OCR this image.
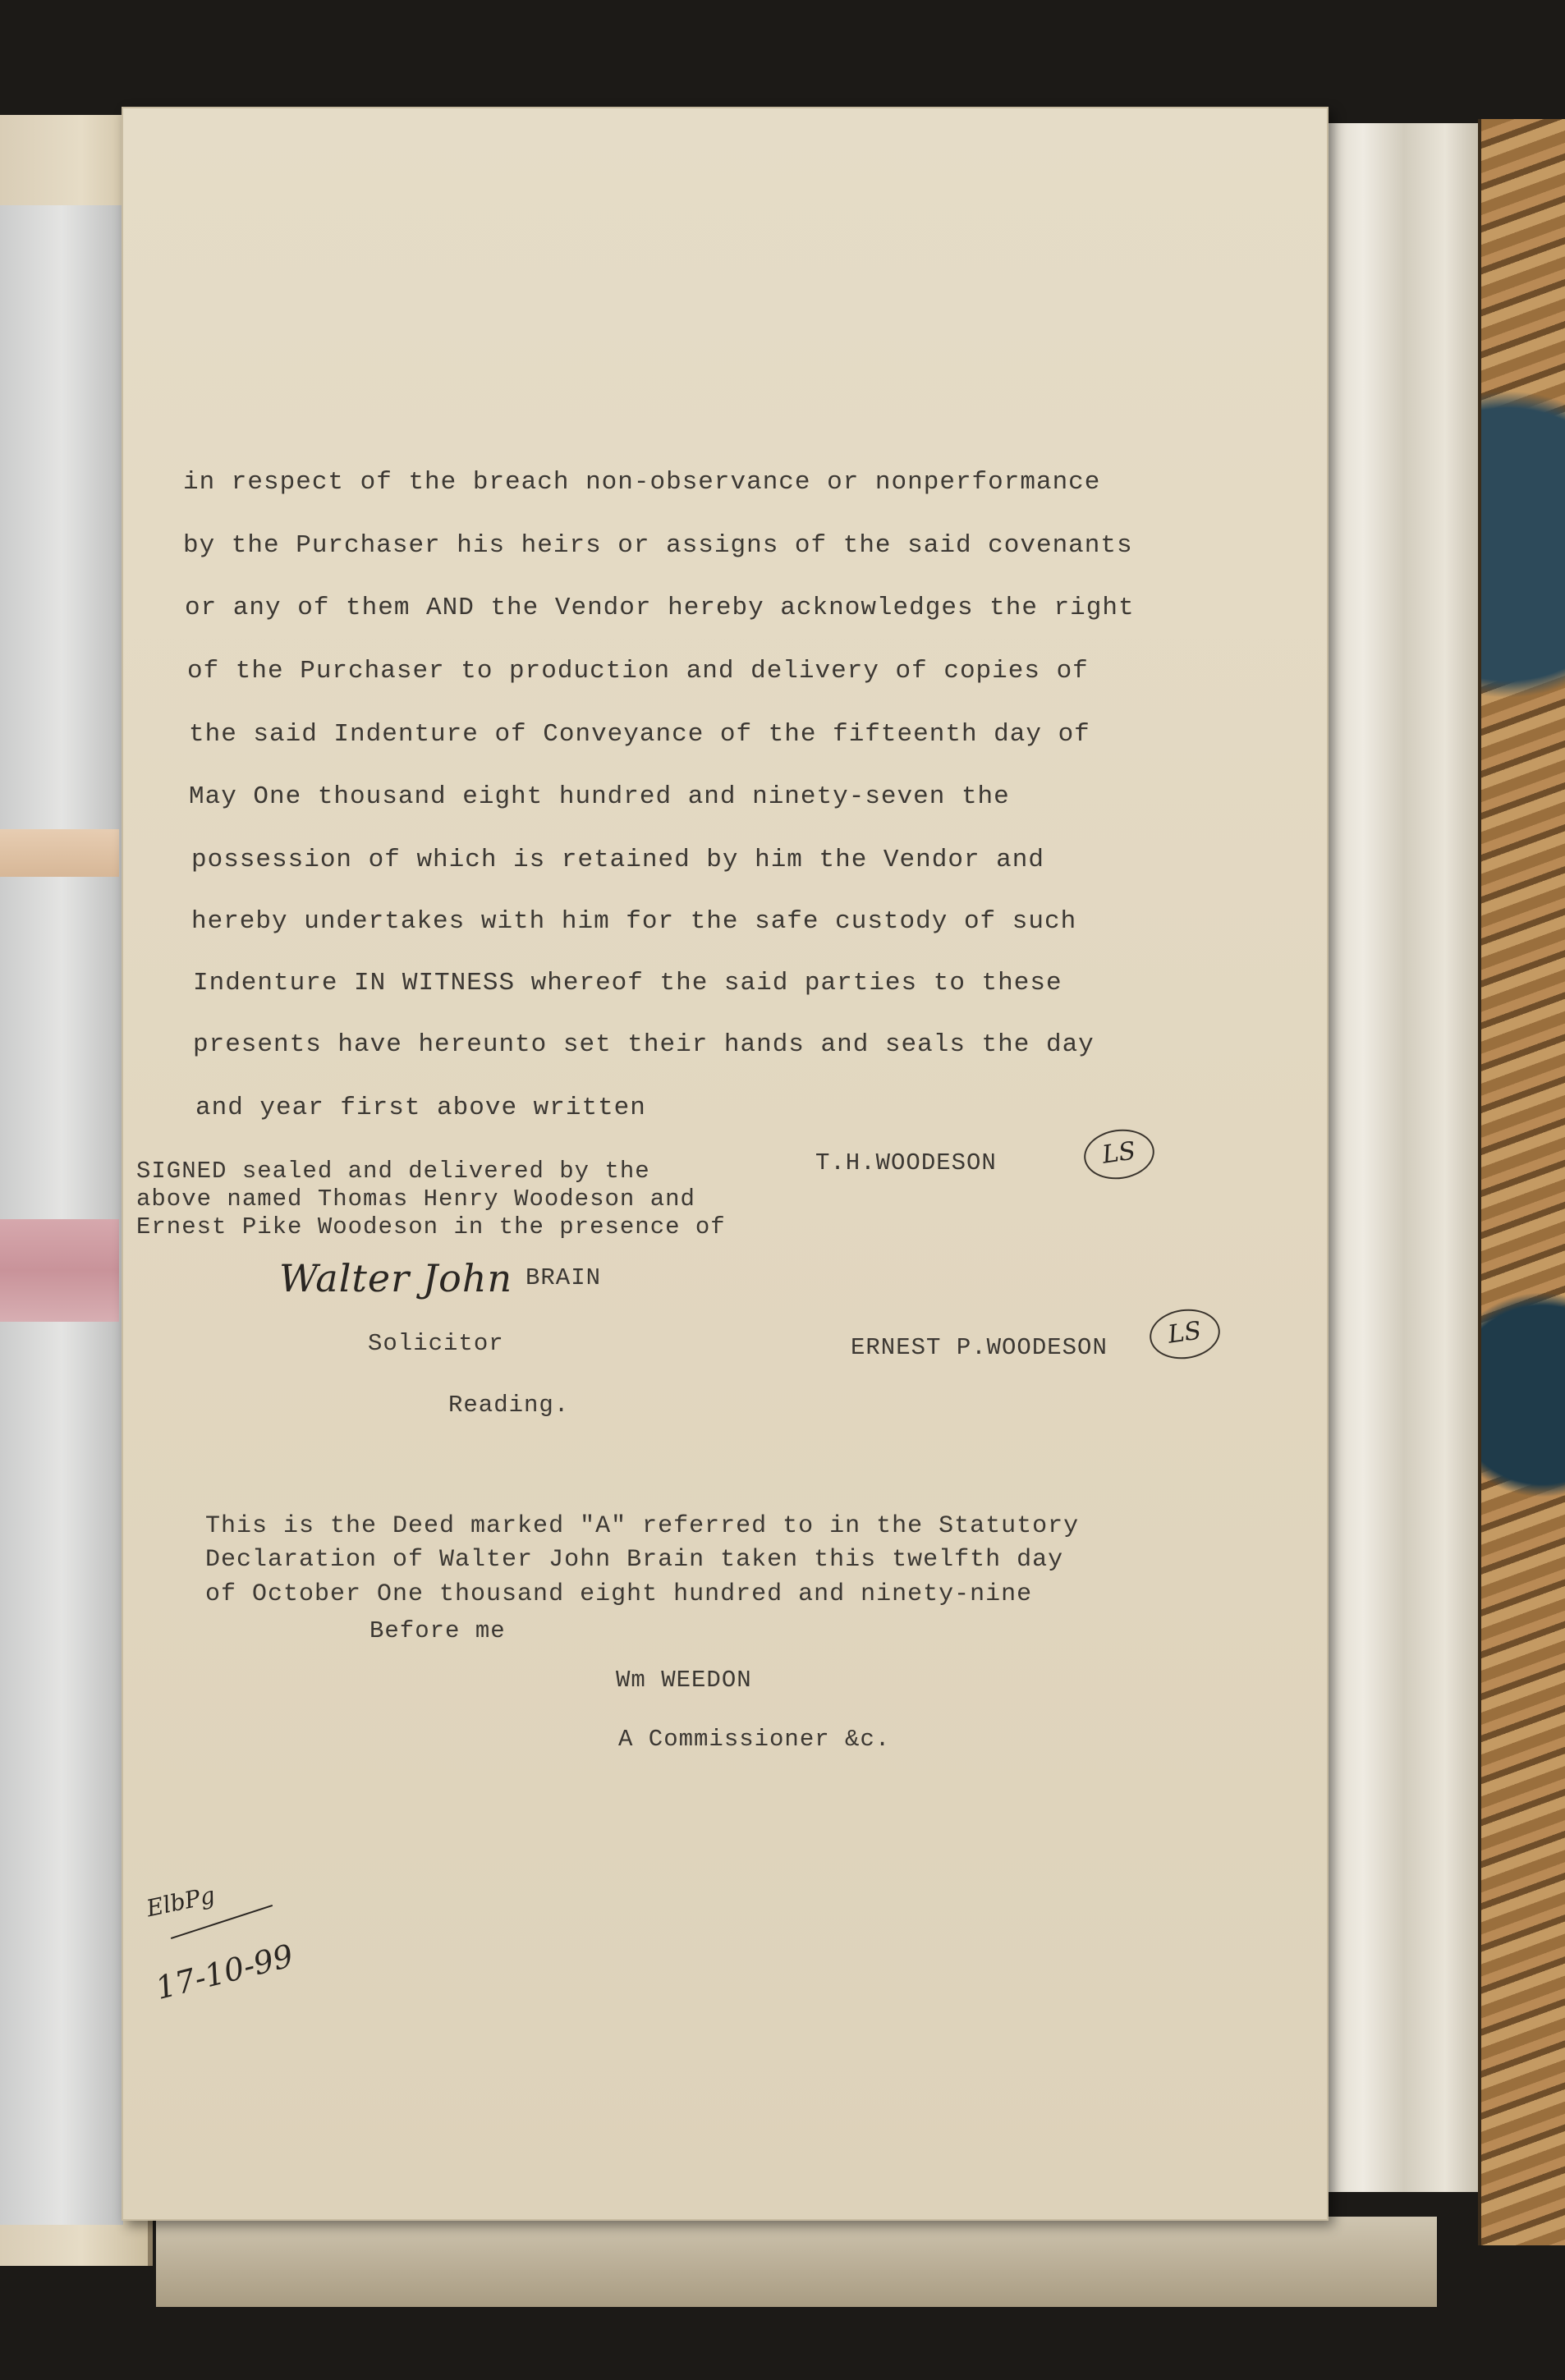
in respect of the breach non-observance or nonperformance

by the Purchaser his heirs or assigns of the said covenants

or any of them AND the Vendor hereby acknowledges the right

of the Purchaser to production and delivery of copies of

the said Indenture of Conveyance of the fifteenth day of

May One thousand eight hundred and ninety-seven the

possession of which is retained by him the Vendor and

hereby undertakes with him for the safe custody of such

Indenture IN WITNESS whereof the said parties to these

presents have hereunto set their hands and seals the day

and year first above written

SIGNED sealed and delivered by the

above named Thomas Henry Woodeson and

Ernest Pike Woodeson in the presence of

Walter John BRAIN

Solicitor

Reading.

T.H.WOODESON	LS

ERNEST P.WOODESON	LS

This is the Deed marked "A" referred to in the Statutory

Declaration of Walter John Brain taken this twelfth day

of October One thousand eight hundred and ninety-nine

Before me

Wm WEEDON

A Commissioner &c.

ElbPg
17-10-99
